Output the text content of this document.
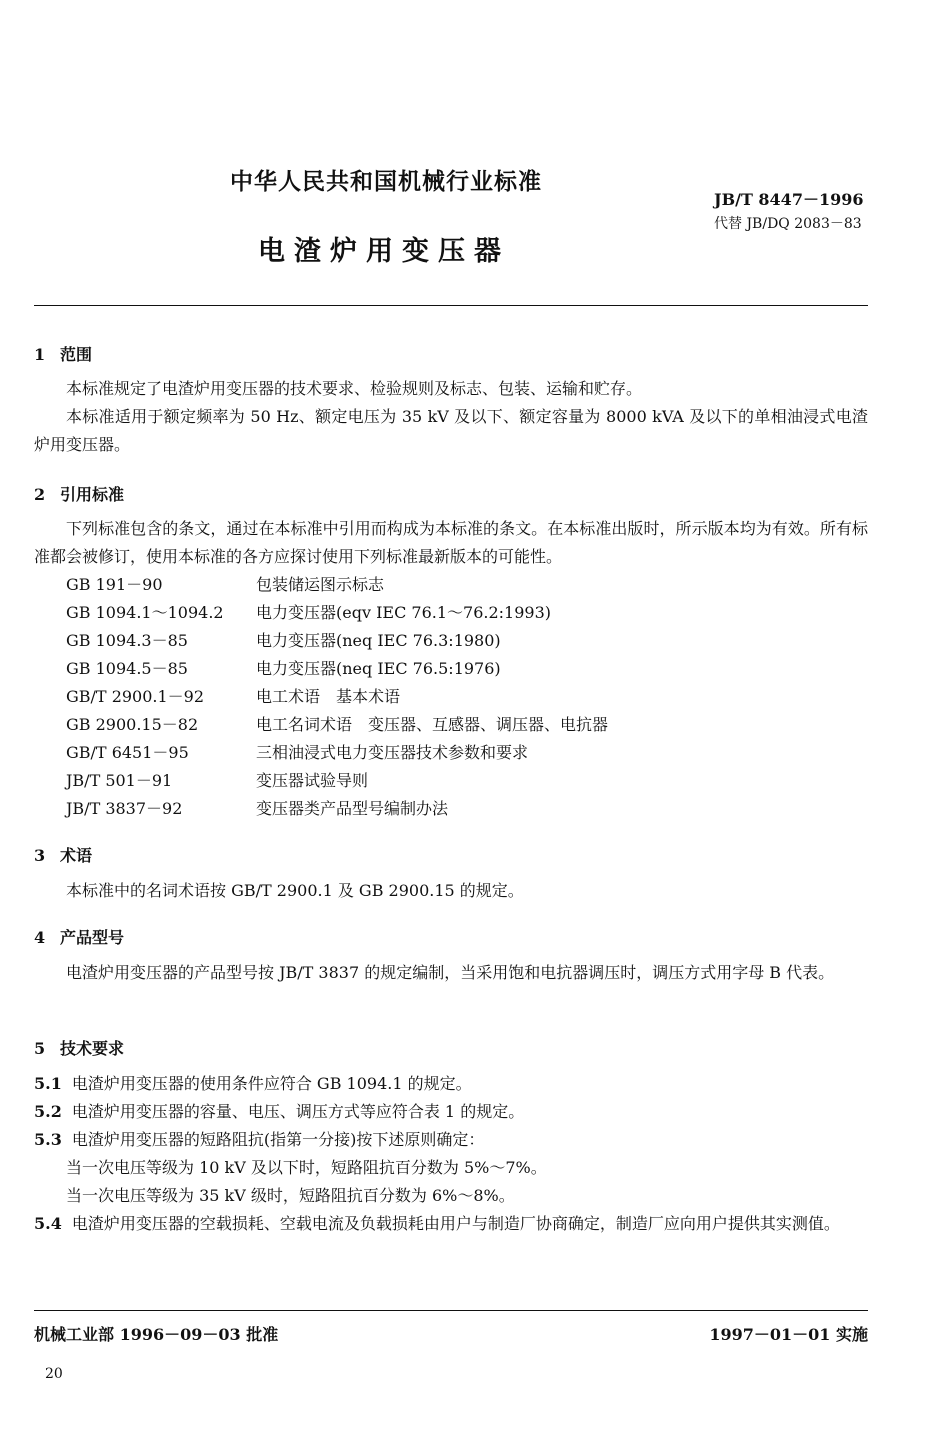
中华人民共和国机械行业标准
电渣炉用变压器
JB/T 8447－1996
代替 JB/DQ 2083－83
1 范围
本标准规定了电渣炉用变压器的技术要求、检验规则及标志、包装、运输和贮存。
本标准适用于额定频率为 50 Hz、额定电压为 35 kV 及以下、额定容量为 8000 kVA 及以下的单相油浸式电渣炉用变压器。
2 引用标准
下列标准包含的条文，通过在本标准中引用而构成为本标准的条文。在本标准出版时，所示版本均为有效。所有标准都会被修订，使用本标准的各方应探讨使用下列标准最新版本的可能性。
GB 191－90	包装储运图示标志
GB 1094.1～1094.2 电力变压器(eqv IEC 76.1～76.2:1993)
GB 1094.3－85	电力变压器(neq IEC 76.3:1980)
GB 1094.5－85	电力变压器(neq IEC 76.5:1976)
GB/T 2900.1－92	电工术语　基本术语
GB 2900.15－82	电工名词术语　变压器、互感器、调压器、电抗器
GB/T 6451－95	三相油浸式电力变压器技术参数和要求
JB/T 501－91	变压器试验导则
JB/T 3837－92	变压器类产品型号编制办法
3 术语
本标准中的名词术语按 GB/T 2900.1 及 GB 2900.15 的规定。
4 产品型号
电渣炉用变压器的产品型号按 JB/T 3837 的规定编制，当采用饱和电抗器调压时，调压方式用字母 B 代表。
5 技术要求
5.1 电渣炉用变压器的使用条件应符合 GB 1094.1 的规定。
5.2 电渣炉用变压器的容量、电压、调压方式等应符合表 1 的规定。
5.3 电渣炉用变压器的短路阻抗(指第一分接)按下述原则确定：
当一次电压等级为 10 kV 及以下时，短路阻抗百分数为 5%～7%。
当一次电压等级为 35 kV 级时，短路阻抗百分数为 6%～8%。
5.4 电渣炉用变压器的空载损耗、空载电流及负载损耗由用户与制造厂协商确定，制造厂应向用户提供其实测值。
机械工业部 1996－09－03 批准	1997－01－01 实施
20
